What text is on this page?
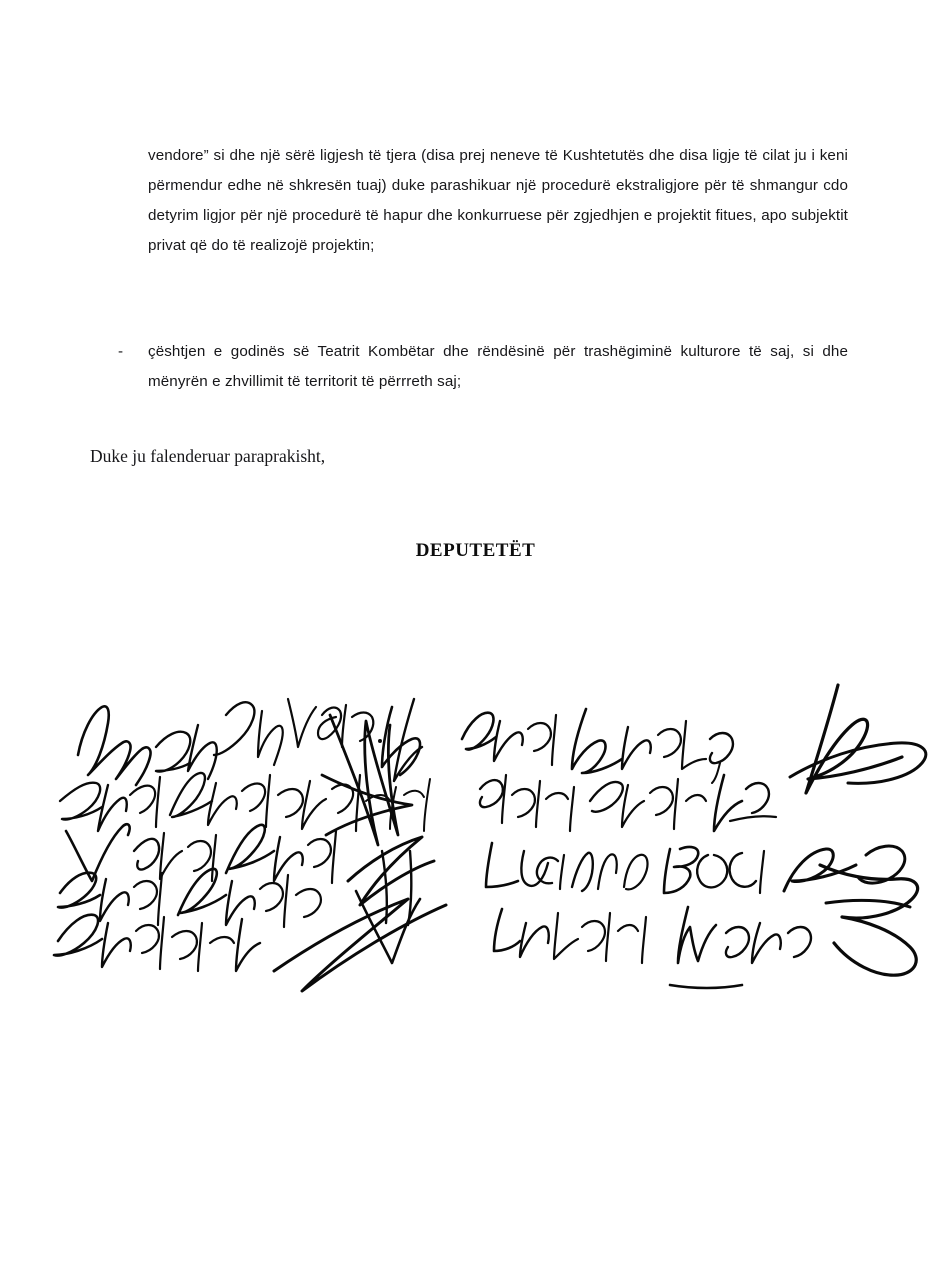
vendore” si dhe një sërë ligjesh të tjera (disa prej neneve të Kushtetutës dhe disa ligje të cilat ju i keni përmendur edhe në shkresën tuaj) duke parashikuar një procedurë ekstraligjore për të shmangur cdo detyrim ligjor për një procedurë të hapur dhe konkurruese për zgjedhjen e projektit fitues, apo subjektit privat që do të realizojë projektin;
-	çështjen e godinës së Teatrit Kombëtar dhe rëndësinë për trashëgiminë kulturore të saj, si dhe mënyrën e zhvillimit të territorit të përrreth saj;
Duke ju falenderuar paraprakisht,
DEPUTETËT
